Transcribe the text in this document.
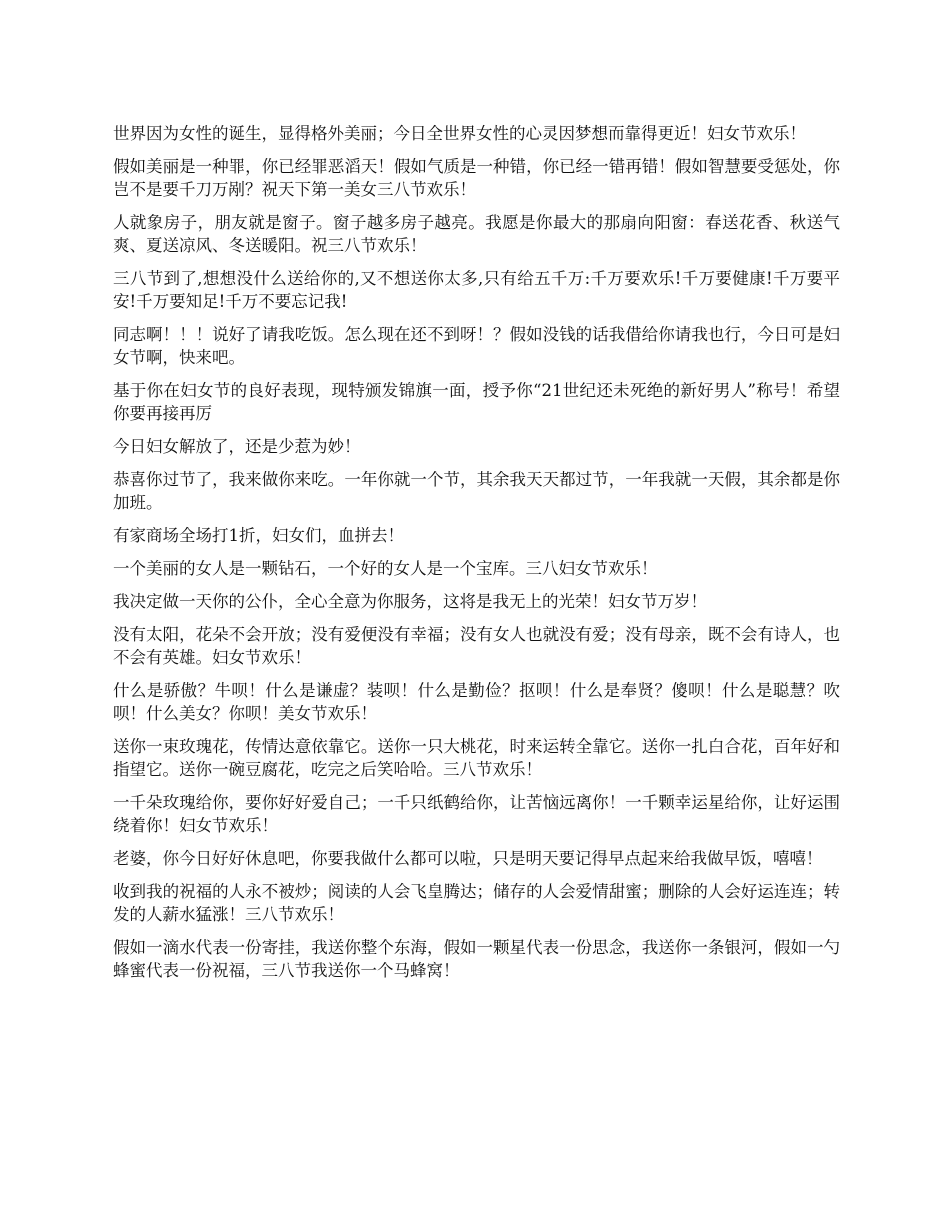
世界因为女性的诞生，显得格外美丽；今日全世界女性的心灵因梦想而靠得更近！妇女节欢乐！

假如美丽是一种罪，你已经罪恶滔天！假如气质是一种错，你已经一错再错！假如智慧要受惩处，你岂不是要千刀万剐？祝天下第一美女三八节欢乐！

人就象房子，朋友就是窗子。窗子越多房子越亮。我愿是你最大的那扇向阳窗：春送花香、秋送气爽、夏送凉风、冬送暖阳。祝三八节欢乐！

三八节到了,想想没什么送给你的,又不想送你太多,只有给五千万:千万要欢乐!千万要健康!千万要平安!千万要知足!千万不要忘记我!

同志啊！！！说好了请我吃饭。怎么现在还不到呀！？假如没钱的话我借给你请我也行，今日可是妇女节啊，快来吧。

基于你在妇女节的良好表现，现特颁发锦旗一面，授予你“21世纪还未死绝的新好男人”称号！希望你要再接再厉

今日妇女解放了，还是少惹为妙！

恭喜你过节了，我来做你来吃。一年你就一个节，其余我天天都过节，一年我就一天假，其余都是你加班。

有家商场全场打1折，妇女们，血拼去！

一个美丽的女人是一颗钻石，一个好的女人是一个宝库。三八妇女节欢乐！

我决定做一天你的公仆，全心全意为你服务，这将是我无上的光荣！妇女节万岁！

没有太阳，花朵不会开放；没有爱便没有幸福；没有女人也就没有爱；没有母亲，既不会有诗人，也不会有英雄。妇女节欢乐！

什么是骄傲？牛呗！什么是谦虚？装呗！什么是勤俭？抠呗！什么是奉贤？傻呗！什么是聪慧？吹呗！什么美女？你呗！美女节欢乐！

送你一束玫瑰花，传情达意依靠它。送你一只大桃花，时来运转全靠它。送你一扎白合花，百年好和指望它。送你一碗豆腐花，吃完之后笑哈哈。三八节欢乐！

一千朵玫瑰给你，要你好好爱自己；一千只纸鹤给你，让苦恼远离你！一千颗幸运星给你，让好运围绕着你！妇女节欢乐！

老婆，你今日好好休息吧，你要我做什么都可以啦，只是明天要记得早点起来给我做早饭，嘻嘻！

收到我的祝福的人永不被炒；阅读的人会飞皇腾达；储存的人会爱情甜蜜；删除的人会好运连连；转发的人薪水猛涨！三八节欢乐！

假如一滴水代表一份寄挂，我送你整个东海，假如一颗星代表一份思念，我送你一条银河，假如一勺蜂蜜代表一份祝福，三八节我送你一个马蜂窝！
